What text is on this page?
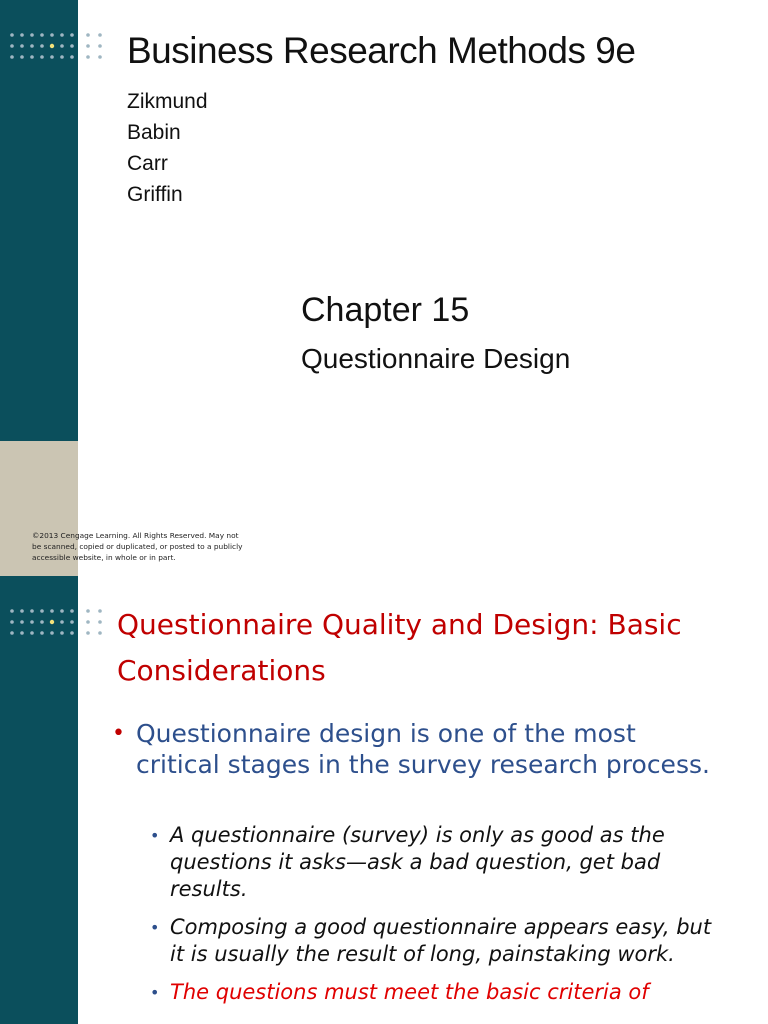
Business Research Methods 9e
Zikmund
Babin
Carr
Griffin
Chapter 15

Questionnaire Design

©2013 Cengage Learning. All Rights Reserved. May not be scanned, copied or duplicated, or posted to a publicly accessible website, in whole or in part.

Questionnaire Quality and Design: Basic Considerations
• Questionnaire design is one of the most critical stages in the survey research process.
• A questionnaire (survey) is only as good as the questions it asks—ask a bad question, get bad results.
• Composing a good questionnaire appears easy, but it is usually the result of long, painstaking work.
• The questions must meet the basic criteria of
